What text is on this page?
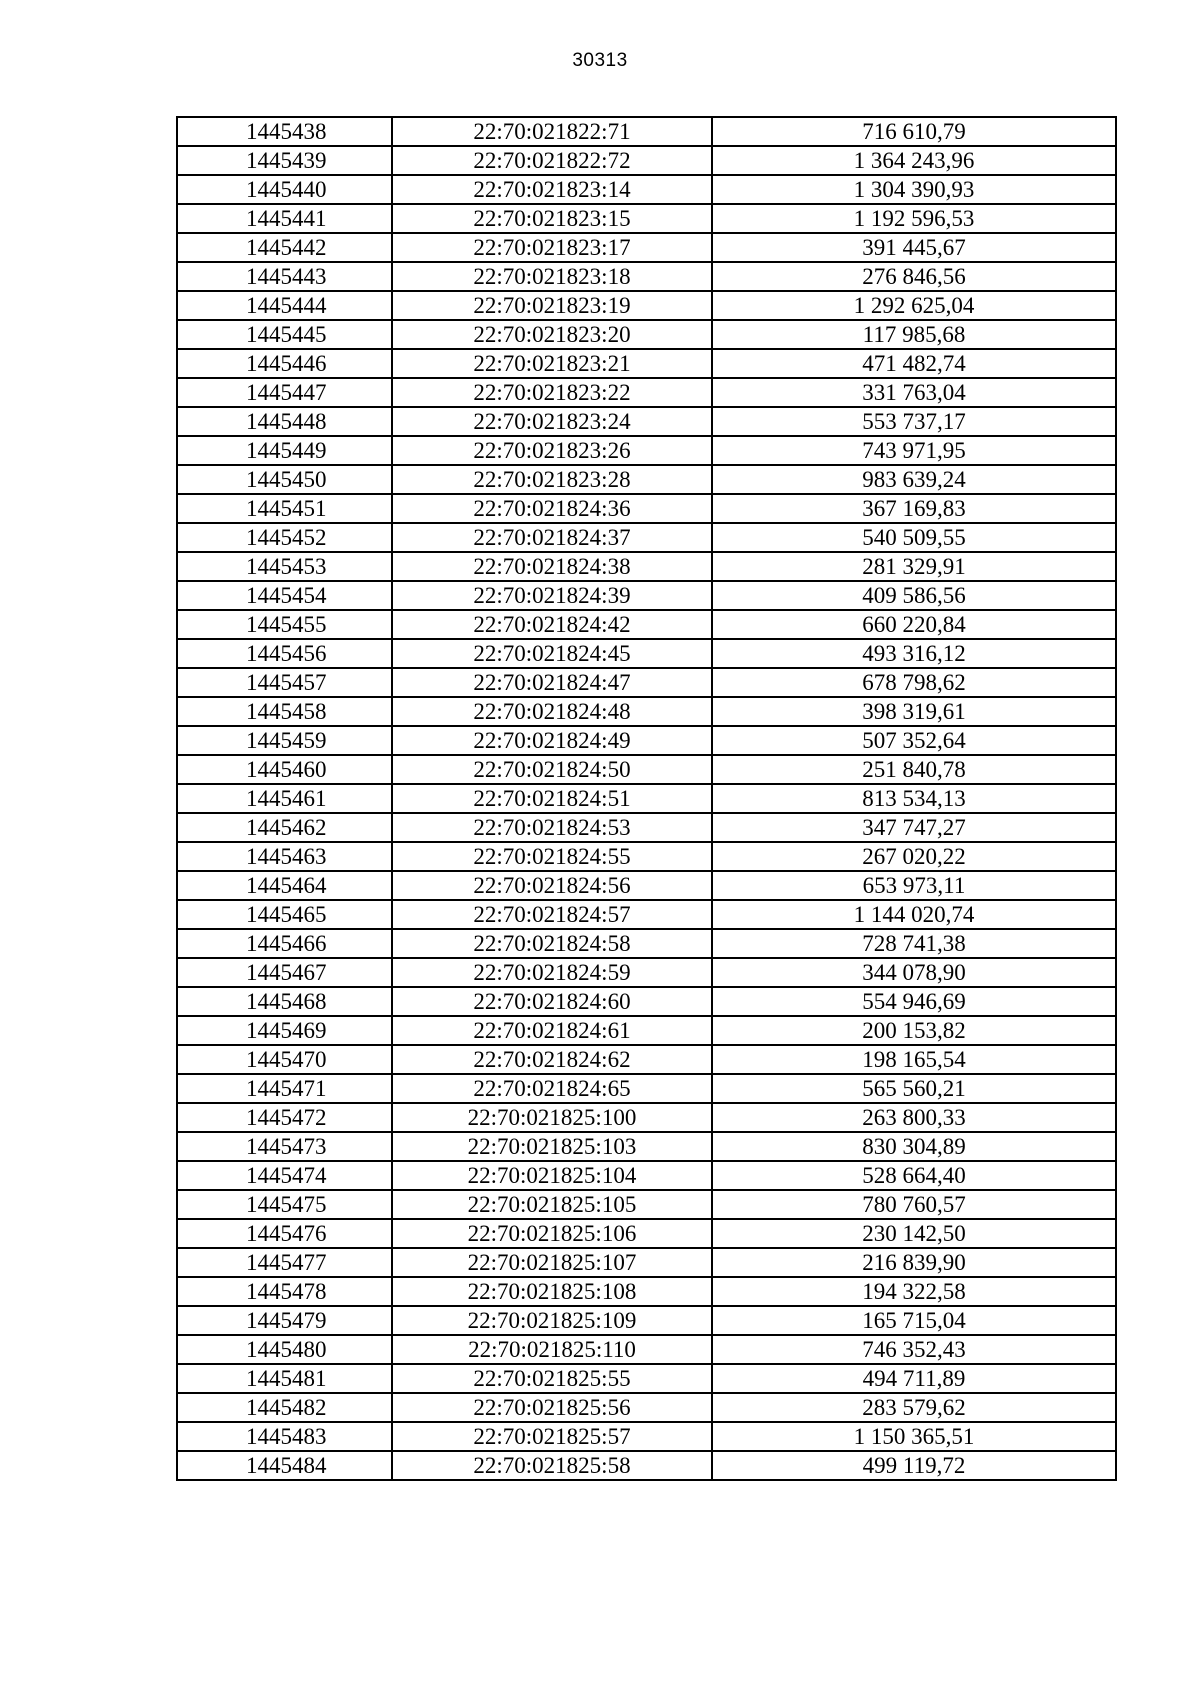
30313
1445438	22:70:021822:71	716 610,79
1445439	22:70:021822:72	1 364 243,96
1445440	22:70:021823:14	1 304 390,93
1445441	22:70:021823:15	1 192 596,53
1445442	22:70:021823:17	391 445,67
1445443	22:70:021823:18	276 846,56
1445444	22:70:021823:19	1 292 625,04
1445445	22:70:021823:20	117 985,68
1445446	22:70:021823:21	471 482,74
1445447	22:70:021823:22	331 763,04
1445448	22:70:021823:24	553 737,17
1445449	22:70:021823:26	743 971,95
1445450	22:70:021823:28	983 639,24
1445451	22:70:021824:36	367 169,83
1445452	22:70:021824:37	540 509,55
1445453	22:70:021824:38	281 329,91
1445454	22:70:021824:39	409 586,56
1445455	22:70:021824:42	660 220,84
1445456	22:70:021824:45	493 316,12
1445457	22:70:021824:47	678 798,62
1445458	22:70:021824:48	398 319,61
1445459	22:70:021824:49	507 352,64
1445460	22:70:021824:50	251 840,78
1445461	22:70:021824:51	813 534,13
1445462	22:70:021824:53	347 747,27
1445463	22:70:021824:55	267 020,22
1445464	22:70:021824:56	653 973,11
1445465	22:70:021824:57	1 144 020,74
1445466	22:70:021824:58	728 741,38
1445467	22:70:021824:59	344 078,90
1445468	22:70:021824:60	554 946,69
1445469	22:70:021824:61	200 153,82
1445470	22:70:021824:62	198 165,54
1445471	22:70:021824:65	565 560,21
1445472	22:70:021825:100	263 800,33
1445473	22:70:021825:103	830 304,89
1445474	22:70:021825:104	528 664,40
1445475	22:70:021825:105	780 760,57
1445476	22:70:021825:106	230 142,50
1445477	22:70:021825:107	216 839,90
1445478	22:70:021825:108	194 322,58
1445479	22:70:021825:109	165 715,04
1445480	22:70:021825:110	746 352,43
1445481	22:70:021825:55	494 711,89
1445482	22:70:021825:56	283 579,62
1445483	22:70:021825:57	1 150 365,51
1445484	22:70:021825:58	499 119,72
